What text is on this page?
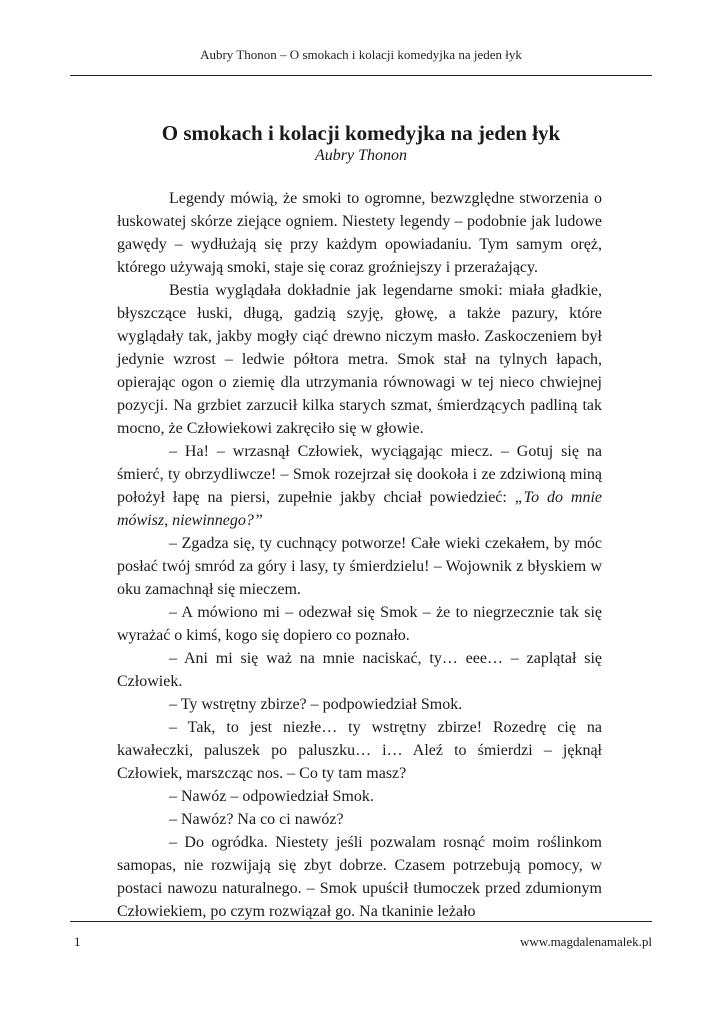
Aubry Thonon – O smokach i kolacji komedyjka na jeden łyk
O smokach i kolacji komedyjka na jeden łyk
Aubry Thonon

Legendy mówią, że smoki to ogromne, bezwzględne stworzenia o łuskowatej skórze ziejące ogniem. Niestety legendy – podobnie jak ludowe gawędy – wydłużają się przy każdym opowiadaniu. Tym samym oręż, którego używają smoki, staje się coraz groźniejszy i przerażający.

Bestia wyglądała dokładnie jak legendarne smoki: miała gładkie, błyszczące łuski, długą, gadzią szyję, głowę, a także pazury, które wyglądały tak, jakby mogły ciąć drewno niczym masło. Zaskoczeniem był jedynie wzrost – ledwie półtora metra. Smok stał na tylnych łapach, opierając ogon o ziemię dla utrzymania równowagi w tej nieco chwiejnej pozycji. Na grzbiet zarzucił kilka starych szmat, śmierdzących padliną tak mocno, że Człowiekowi zakręciło się w głowie.

– Ha! – wrzasnął Człowiek, wyciągając miecz. – Gotuj się na śmierć, ty obrzydliwcze! – Smok rozejrzał się dookoła i ze zdziwioną miną położył łapę na piersi, zupełnie jakby chciał powiedzieć: „To do mnie mówisz, niewinnego?”

– Zgadza się, ty cuchnący potworze! Całe wieki czekałem, by móc posłać twój smród za góry i lasy, ty śmierdzielu! – Wojownik z błyskiem w oku zamachnął się mieczem.

– A mówiono mi – odezwał się Smok – że to niegrzecznie tak się wyrażać o kimś, kogo się dopiero co poznało.

– Ani mi się waż na mnie naciskać, ty… eee… – zaplątał się Człowiek.

– Ty wstrętny zbirze? – podpowiedział Smok.

– Tak, to jest niezłe… ty wstrętny zbirze! Rozedrę cię na kawałeczki, paluszek po paluszku… i… Aleź to śmierdzi – jęknął Człowiek, marszcząc nos. – Co ty tam masz?

– Nawóz – odpowiedział Smok.

– Nawóz? Na co ci nawóz?

– Do ogródka. Niestety jeśli pozwalam rosnąć moim roślinkom samopas, nie rozwijają się zbyt dobrze. Czasem potrzebują pomocy, w postaci nawozu naturalnego. – Smok upuścił tłumoczek przed zdumionym Człowiekiem, po czym rozwiązał go. Na tkaninie leżało

1	www.magdalenamalek.pl
